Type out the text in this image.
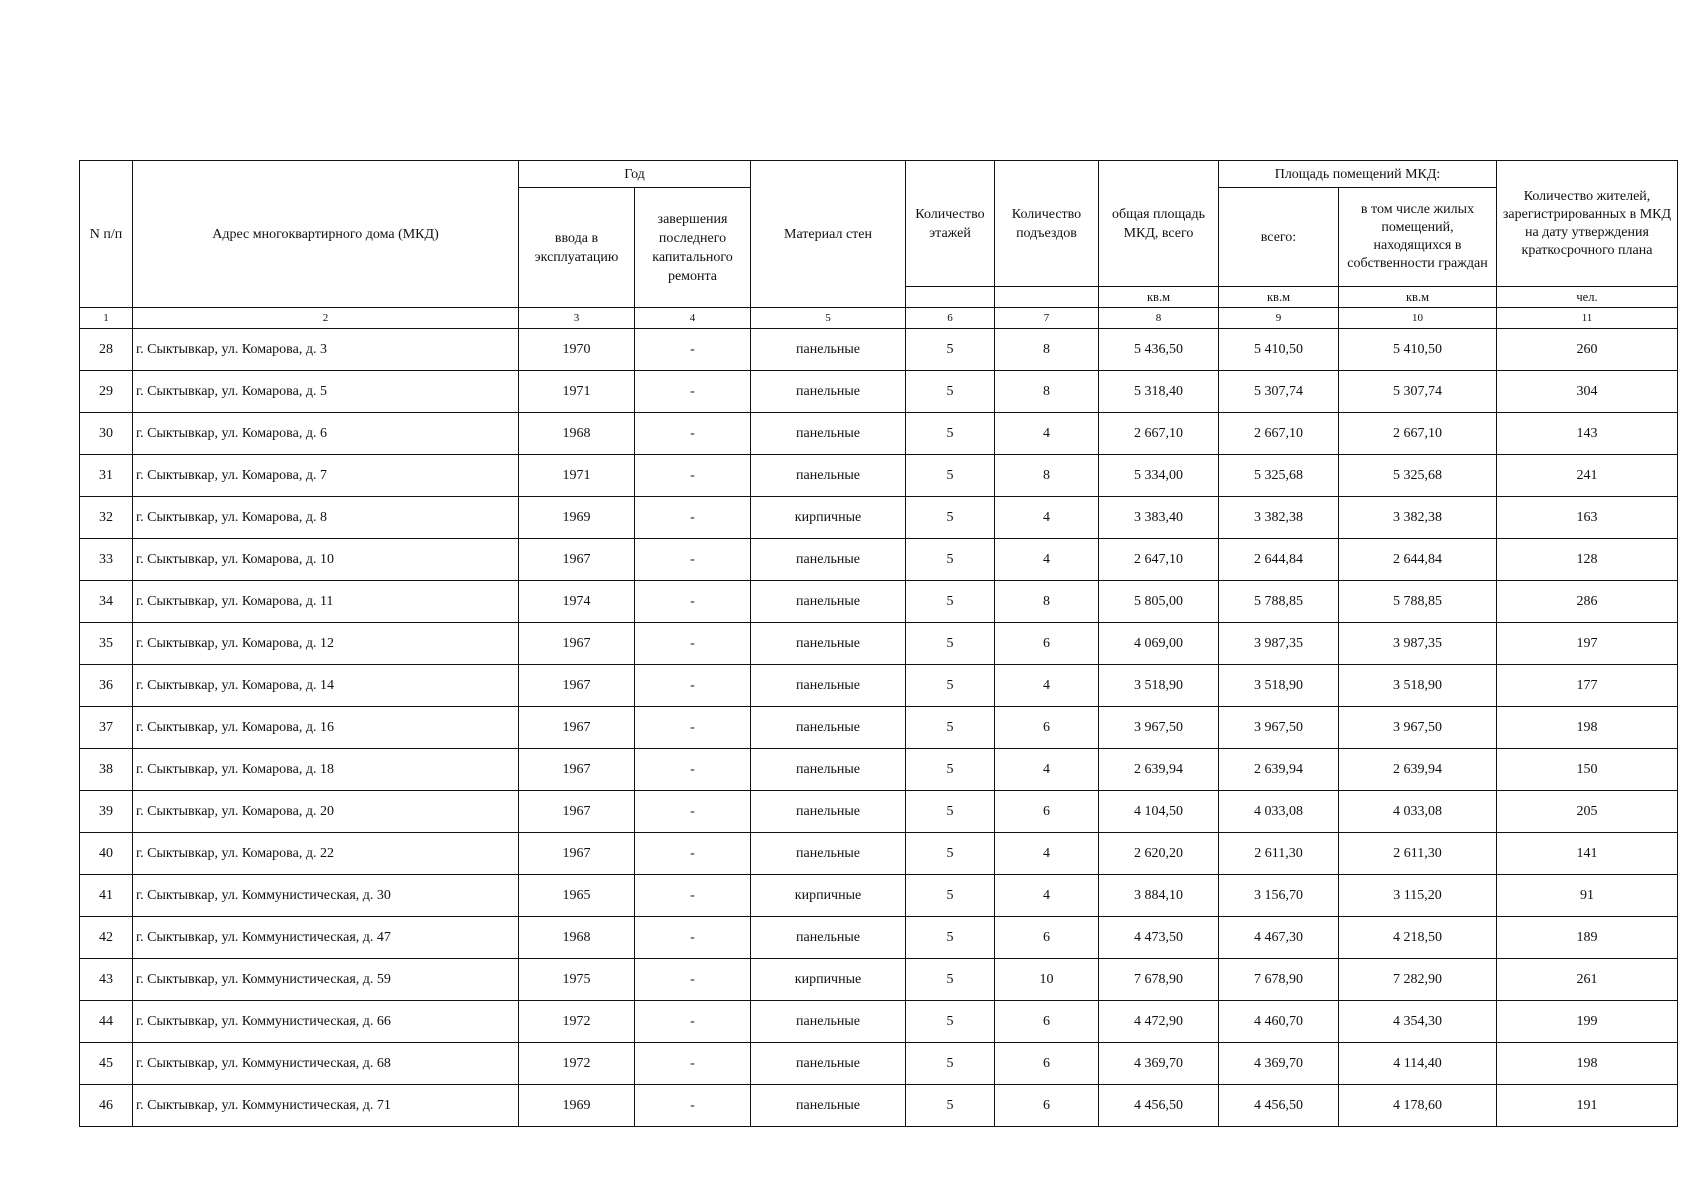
N п/п	Адрес многоквартирного дома (МКД)	Год		Материал стен	Количество этажей	Количество подъездов	общая площадь МКД, всего	Площадь помещений МКД:		Количество жителей, зарегистрированных в МКД на дату утверждения краткосрочного плана
		ввода в эксплуатацию	завершения последнего капитального ремонта					всего:	в том числе жилых помещений, находящихся в собственности граждан	
							кв.м	кв.м	кв.м	чел.
1	2	3	4	5	6	7	8	9	10	11
28	г. Сыктывкар, ул. Комарова, д. 3	1970	-	панельные	5	8	5 436,50	5 410,50	5 410,50	260
29	г. Сыктывкар, ул. Комарова, д. 5	1971	-	панельные	5	8	5 318,40	5 307,74	5 307,74	304
30	г. Сыктывкар, ул. Комарова, д. 6	1968	-	панельные	5	4	2 667,10	2 667,10	2 667,10	143
31	г. Сыктывкар, ул. Комарова, д. 7	1971	-	панельные	5	8	5 334,00	5 325,68	5 325,68	241
32	г. Сыктывкар, ул. Комарова, д. 8	1969	-	кирпичные	5	4	3 383,40	3 382,38	3 382,38	163
33	г. Сыктывкар, ул. Комарова, д. 10	1967	-	панельные	5	4	2 647,10	2 644,84	2 644,84	128
34	г. Сыктывкар, ул. Комарова, д. 11	1974	-	панельные	5	8	5 805,00	5 788,85	5 788,85	286
35	г. Сыктывкар, ул. Комарова, д. 12	1967	-	панельные	5	6	4 069,00	3 987,35	3 987,35	197
36	г. Сыктывкар, ул. Комарова, д. 14	1967	-	панельные	5	4	3 518,90	3 518,90	3 518,90	177
37	г. Сыктывкар, ул. Комарова, д. 16	1967	-	панельные	5	6	3 967,50	3 967,50	3 967,50	198
38	г. Сыктывкар, ул. Комарова, д. 18	1967	-	панельные	5	4	2 639,94	2 639,94	2 639,94	150
39	г. Сыктывкар, ул. Комарова, д. 20	1967	-	панельные	5	6	4 104,50	4 033,08	4 033,08	205
40	г. Сыктывкар, ул. Комарова, д. 22	1967	-	панельные	5	4	2 620,20	2 611,30	2 611,30	141
41	г. Сыктывкар, ул. Коммунистическая, д. 30	1965	-	кирпичные	5	4	3 884,10	3 156,70	3 115,20	91
42	г. Сыктывкар, ул. Коммунистическая, д. 47	1968	-	панельные	5	6	4 473,50	4 467,30	4 218,50	189
43	г. Сыктывкар, ул. Коммунистическая, д. 59	1975	-	кирпичные	5	10	7 678,90	7 678,90	7 282,90	261
44	г. Сыктывкар, ул. Коммунистическая, д. 66	1972	-	панельные	5	6	4 472,90	4 460,70	4 354,30	199
45	г. Сыктывкар, ул. Коммунистическая, д. 68	1972	-	панельные	5	6	4 369,70	4 369,70	4 114,40	198
46	г. Сыктывкар, ул. Коммунистическая, д. 71	1969	-	панельные	5	6	4 456,50	4 456,50	4 178,60	191
